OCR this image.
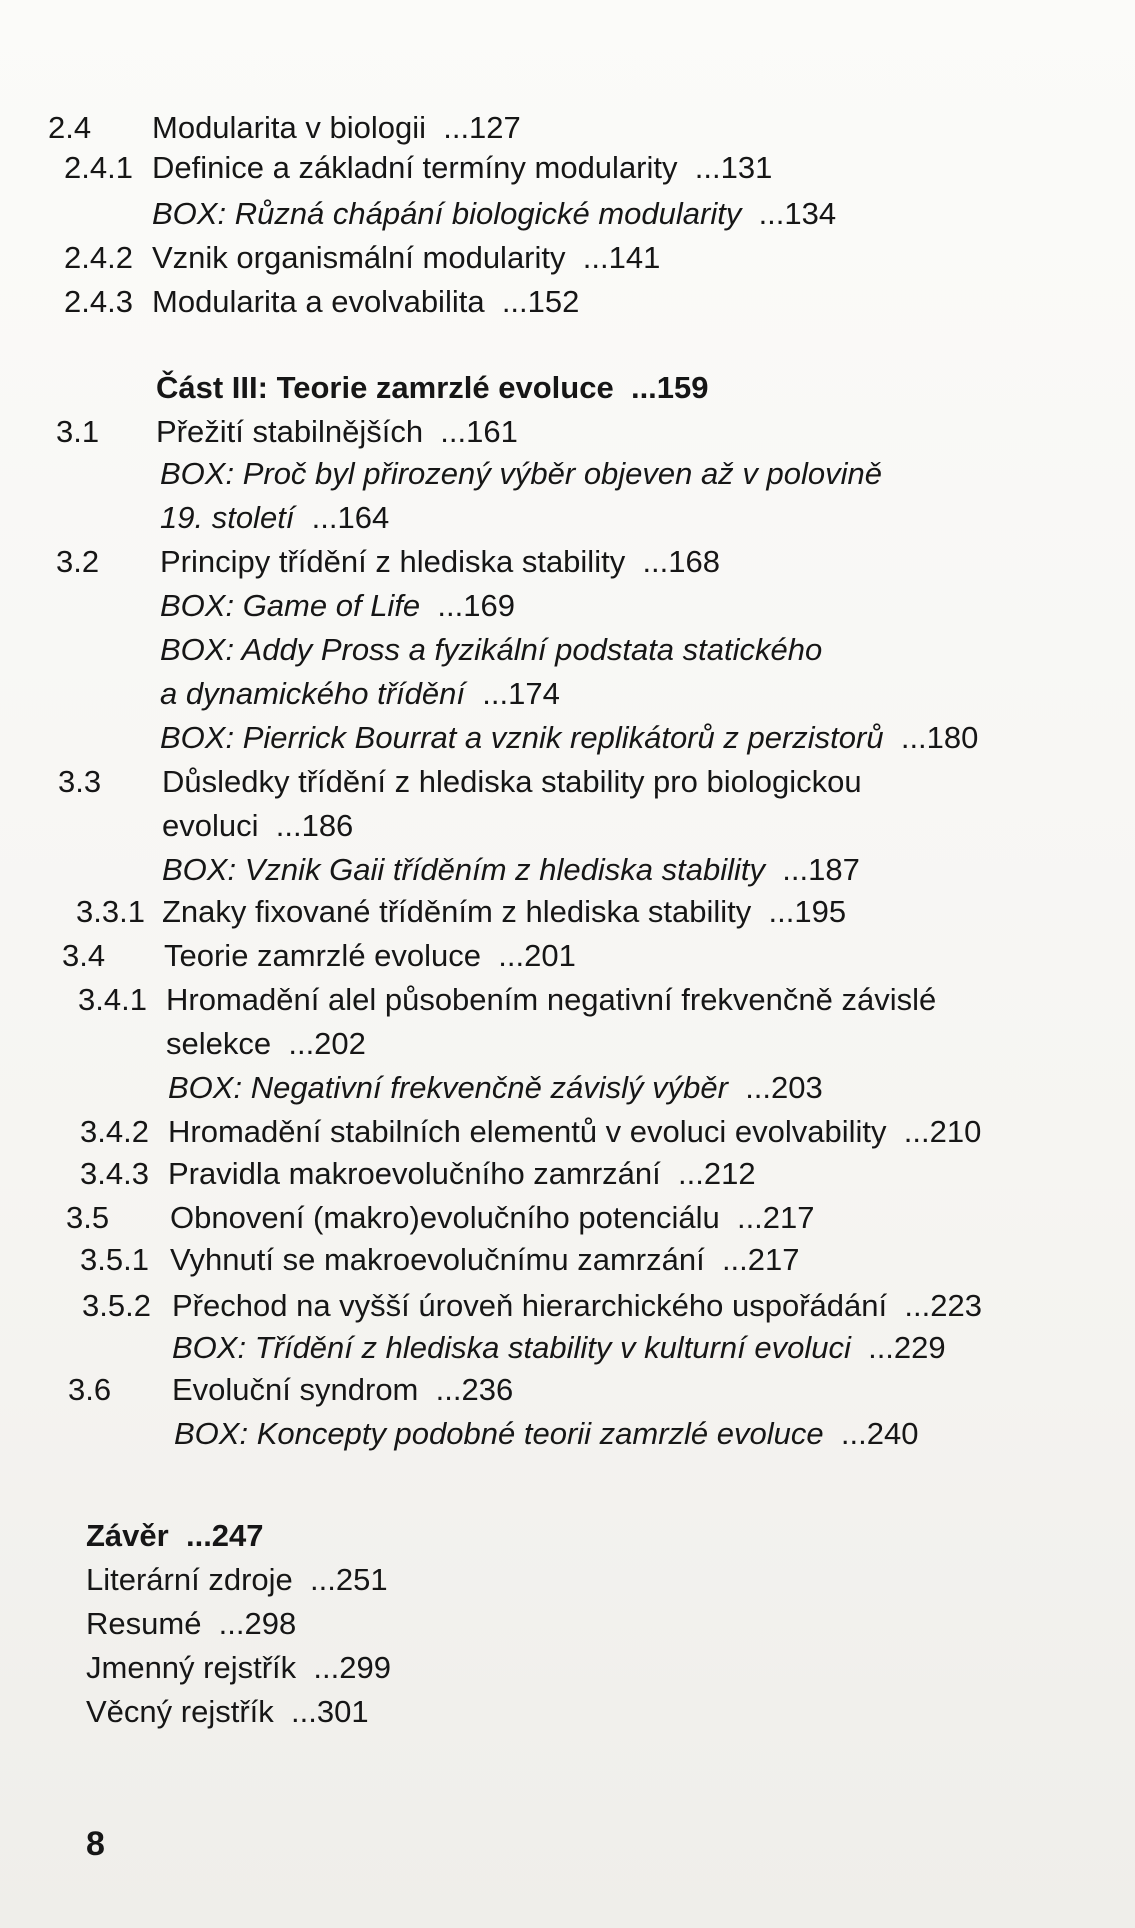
2.4 Modularita v biologii ...127
2.4.1 Definice a základní termíny modularity ...131
BOX: Různá chápání biologické modularity ...134
2.4.2 Vznik organismální modularity ...141
2.4.3 Modularita a evolvabilita ...152
Část III: Teorie zamrzlé evoluce ...159
3.1 Přežití stabilnějších ...161
BOX: Proč byl přirozený výběr objeven až v polovině
19. století ...164
3.2 Principy třídění z hlediska stability ...168
BOX: Game of Life ...169
BOX: Addy Pross a fyzikální podstata statického
a dynamického třídění ...174
BOX: Pierrick Bourrat a vznik replikátorů z perzistorů ...180
3.3 Důsledky třídění z hlediska stability pro biologickou
evoluci ...186
BOX: Vznik Gaii tříděním z hlediska stability ...187
3.3.1 Znaky fixované tříděním z hlediska stability ...195
3.4 Teorie zamrzlé evoluce ...201
3.4.1 Hromadění alel působením negativní frekvenčně závislé
selekce ...202
BOX: Negativní frekvenčně závislý výběr ...203
3.4.2 Hromadění stabilních elementů v evoluci evolvability ...210
3.4.3 Pravidla makroevolučního zamrzání ...212
3.5 Obnovení (makro)evolučního potenciálu ...217
3.5.1 Vyhnutí se makroevolučnímu zamrzání ...217
3.5.2 Přechod na vyšší úroveň hierarchického uspořádání ...223
BOX: Třídění z hlediska stability v kulturní evoluci ...229
3.6 Evoluční syndrom ...236
BOX: Koncepty podobné teorii zamrzlé evoluce ...240
Závěr ...247
Literární zdroje ...251
Resumé ...298
Jmenný rejstřík ...299
Věcný rejstřík ...301
8
